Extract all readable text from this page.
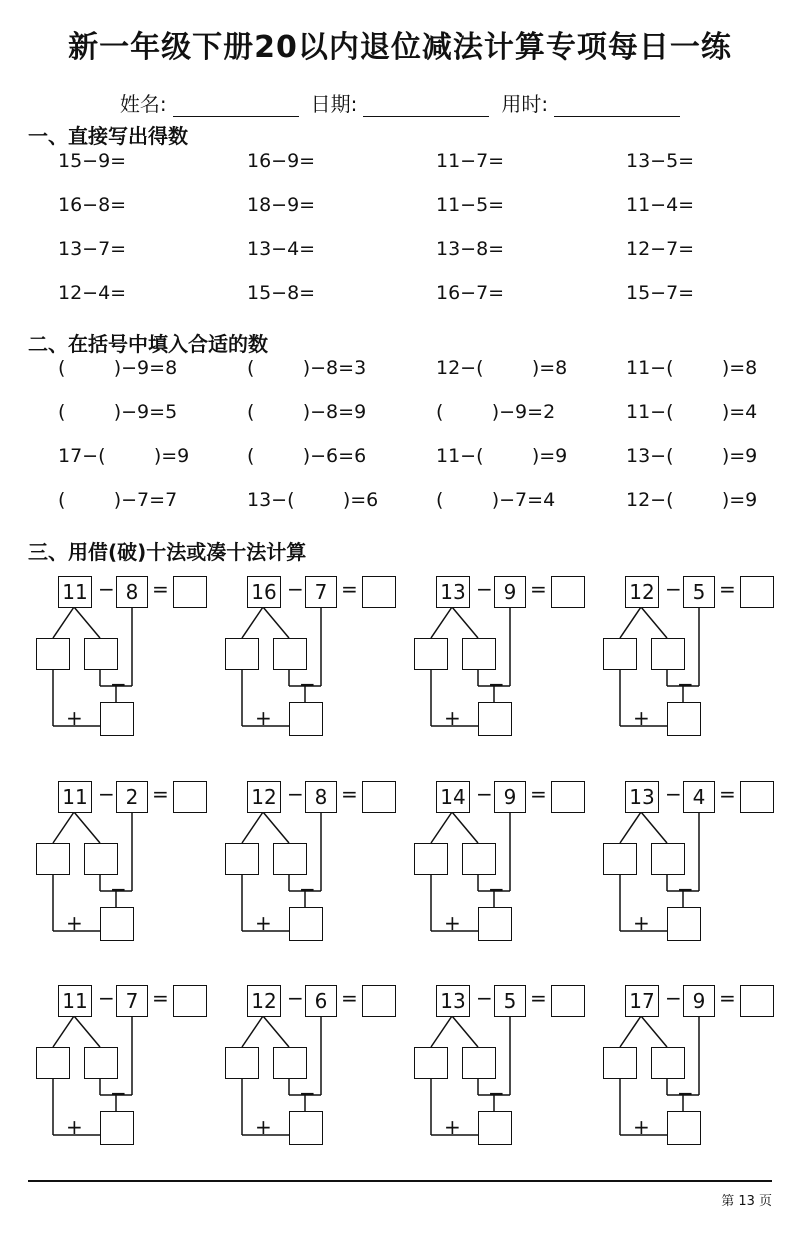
新一年级下册20以内退位减法计算专项每日一练
姓名:	日期:	用时:
一、直接写出得数
15−9=	16−9=	11−7=	13−5=
16−8=	18−9=	11−5=	11−4=
13−7=	13−4=	13−8=	12−7=
12−4=	15−8=	16−7=	15−7=
二、在括号中填入合适的数
(        )−9=8	(        )−8=3	12−(        )=8	11−(        )=8
(        )−9=5	(        )−8=9	(        )−9=2	11−(        )=4
17−(        )=9	(        )−6=6	11−(        )=9	13−(        )=9
(        )−7=7	13−(        )=6	(        )−7=4	12−(        )=9
三、用借(破)十法或凑十法计算
11 − 8 =
−
+
16 − 7 =
−
+
13 − 9 =
−
+
12 − 5 =
−
+
11 − 2 =
−
+
12 − 8 =
−
+
14 − 9 =
−
+
13 − 4 =
−
+
11 − 7 =
−
+
12 − 6 =
−
+
13 − 5 =
−
+
17 − 9 =
−
+
第 13 页
